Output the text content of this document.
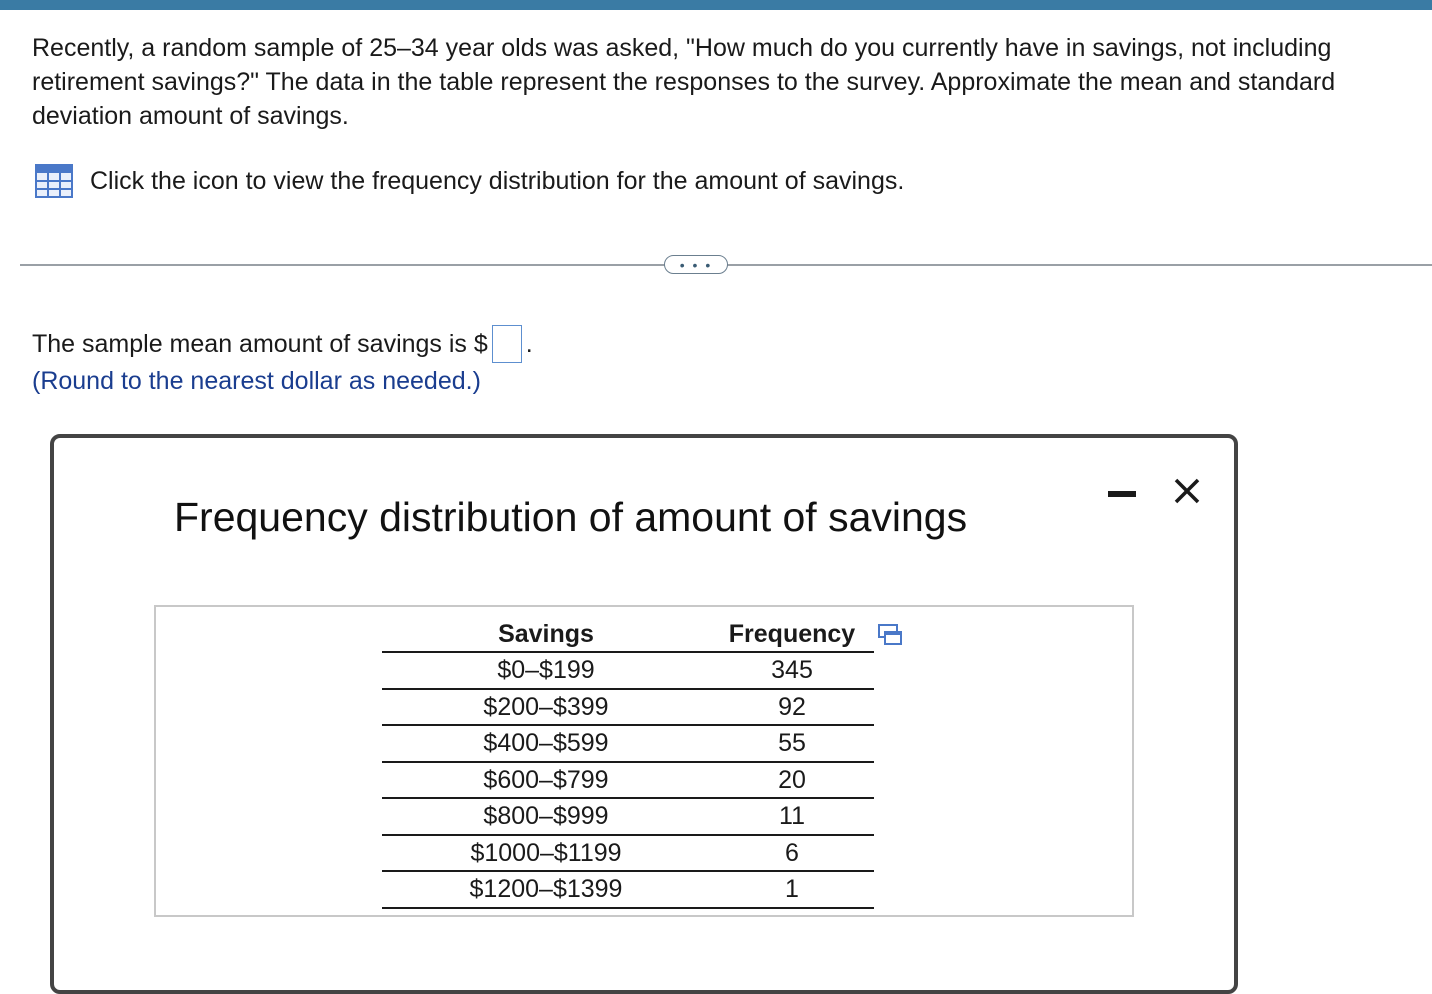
Recently, a random sample of 25–34 year olds was asked, "How much do you currently have in savings, not including retirement savings?" The data in the table represent the responses to the survey. Approximate the mean and standard deviation amount of savings.
Click the icon to view the frequency distribution for the amount of savings.
• • •
The sample mean amount of savings is $ .
(Round to the nearest dollar as needed.)
Frequency distribution of amount of savings
Savings	Frequency
$0–$199	345
$200–$399	92
$400–$599	55
$600–$799	20
$800–$999	11
$1000–$1199	6
$1200–$1399	1
